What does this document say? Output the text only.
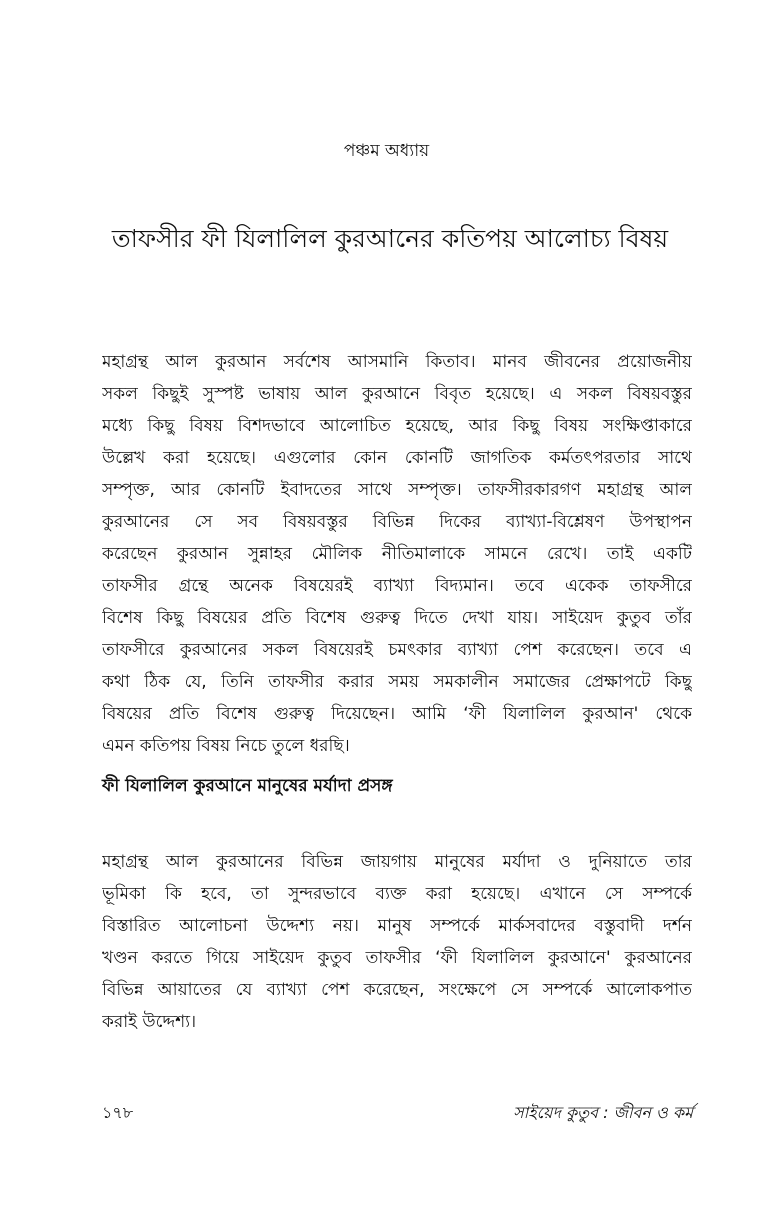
পঞ্চম অধ্যায়
তাফসীর ফী যিলালিল কুরআনের কতিপয় আলোচ্য বিষয়
মহাগ্রন্থ আল কুরআন সর্বশেষ আসমানি কিতাব। মানব জীবনের প্রয়োজনীয়
সকল কিছুই সুস্পষ্ট ভাষায় আল কুরআনে বিবৃত হয়েছে। এ সকল বিষয়বস্তুর
মধ্যে কিছু বিষয় বিশদভাবে আলোচিত হয়েছে, আর কিছু বিষয় সংক্ষিপ্তাকারে
উল্লেখ করা হয়েছে। এগুলোর কোন কোনটি জাগতিক কর্মতৎপরতার সাথে
সম্পৃক্ত, আর কোনটি ইবাদতের সাথে সম্পৃক্ত। তাফসীরকারগণ মহাগ্রন্থ আল
কুরআনের সে সব বিষয়বস্তুর বিভিন্ন দিকের ব্যাখ্যা-বিশ্লেষণ উপস্থাপন
করেছেন কুরআন সুন্নাহর মৌলিক নীতিমালাকে সামনে রেখে। তাই একটি
তাফসীর গ্রন্থে অনেক বিষয়েরই ব্যাখ্যা বিদ্যমান। তবে একেক তাফসীরে
বিশেষ কিছু বিষয়ের প্রতি বিশেষ গুরুত্ব দিতে দেখা যায়। সাইয়েদ কুতুব তাঁর
তাফসীরে কুরআনের সকল বিষয়েরই চমৎকার ব্যাখ্যা পেশ করেছেন। তবে এ
কথা ঠিক যে, তিনি তাফসীর করার সময় সমকালীন সমাজের প্রেক্ষাপটে কিছু
বিষয়ের প্রতি বিশেষ গুরুত্ব দিয়েছেন। আমি ‘ফী যিলালিল কুরআন' থেকে
এমন কতিপয় বিষয় নিচে তুলে ধরছি।
ফী যিলালিল কুরআনে মানুষের মর্যাদা প্রসঙ্গ
মহাগ্রন্থ আল কুরআনের বিভিন্ন জায়গায় মানুষের মর্যাদা ও দুনিয়াতে তার
ভূমিকা কি হবে, তা সুন্দরভাবে ব্যক্ত করা হয়েছে। এখানে সে সম্পর্কে
বিস্তারিত আলোচনা উদ্দেশ্য নয়। মানুষ সম্পর্কে মার্কসবাদের বস্তুবাদী দর্শন
খণ্ডন করতে গিয়ে সাইয়েদ কুতুব তাফসীর ‘ফী যিলালিল কুরআনে' কুরআনের
বিভিন্ন আয়াতের যে ব্যাখ্যা পেশ করেছেন, সংক্ষেপে সে সম্পর্কে আলোকপাত
করাই উদ্দেশ্য।
১৭৮	সাইয়েদ কুতুব : জীবন ও কর্ম
